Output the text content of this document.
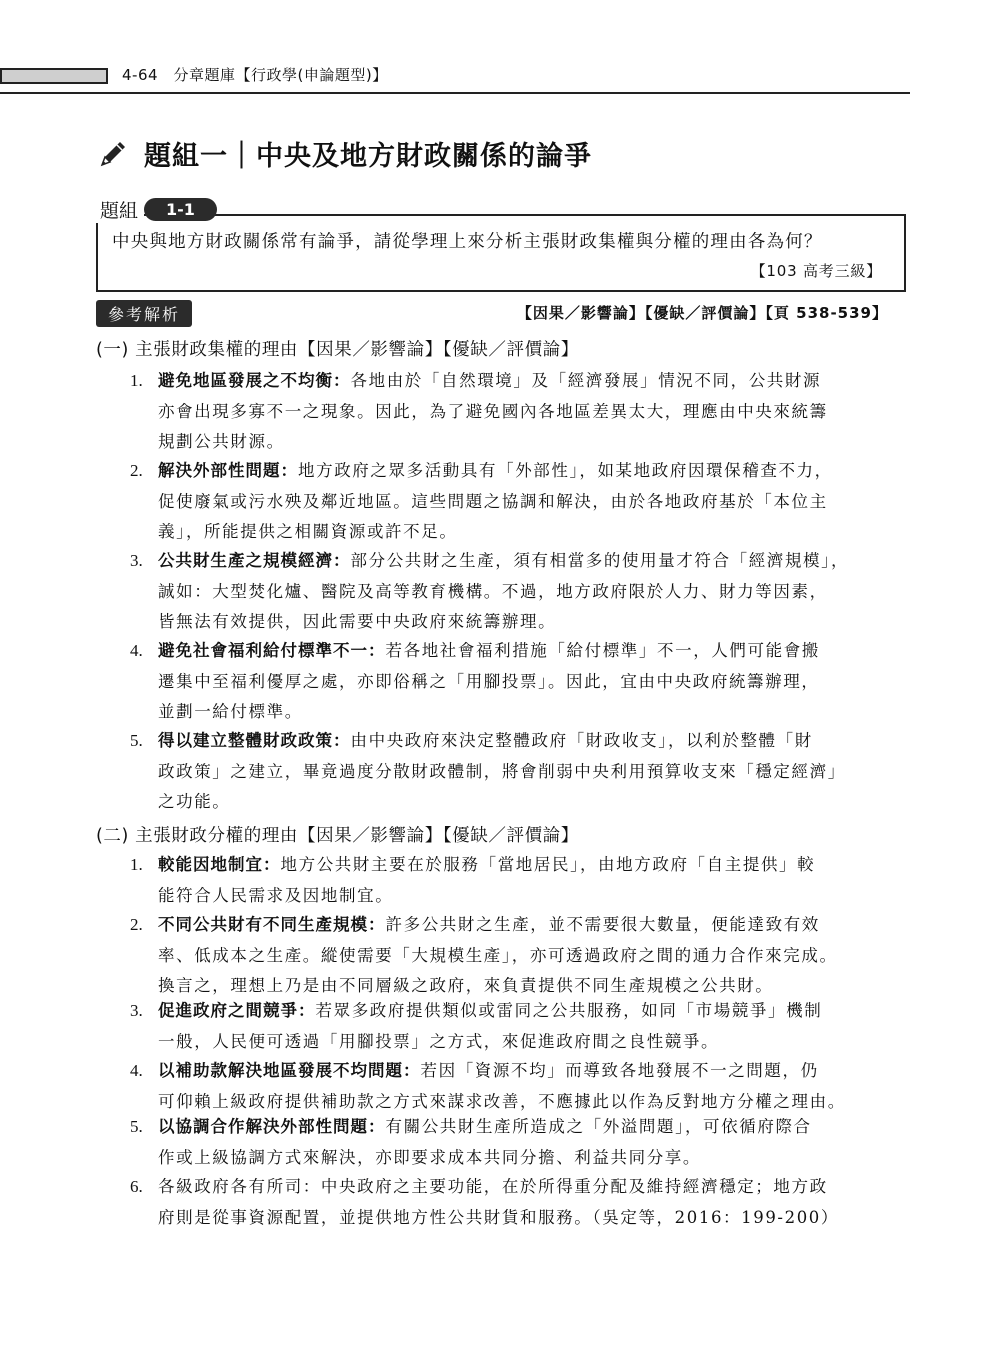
4-64　分章題庫【行政學(申論題型)】
題組一｜中央及地方財政關係的論爭
題組	1-1
中央與地方財政關係常有論爭，請從學理上來分析主張財政集權與分權的理由各為何？
【103 高考三級】
參考解析	【因果／影響論】【優缺／評價論】【頁 538-539】
(一) 主張財政集權的理由【因果／影響論】【優缺／評價論】
1. 避免地區發展之不均衡：各地由於「自然環境」及「經濟發展」情況不同，公共財源
亦會出現多寡不一之現象。因此，為了避免國內各地區差異太大，理應由中央來統籌
規劃公共財源。
2. 解決外部性問題：地方政府之眾多活動具有「外部性」，如某地政府因環保稽查不力，
促使廢氣或污水殃及鄰近地區。這些問題之協調和解決，由於各地政府基於「本位主
義」，所能提供之相關資源或許不足。
3. 公共財生產之規模經濟：部分公共財之生產，須有相當多的使用量才符合「經濟規模」，
誠如：大型焚化爐、醫院及高等教育機構。不過，地方政府限於人力、財力等因素，
皆無法有效提供，因此需要中央政府來統籌辦理。
4. 避免社會福利給付標準不一：若各地社會福利措施「給付標準」不一，人們可能會搬
遷集中至福利優厚之處，亦即俗稱之「用腳投票」。因此，宜由中央政府統籌辦理，
並劃一給付標準。
5. 得以建立整體財政政策：由中央政府來決定整體政府「財政收支」，以利於整體「財
政政策」之建立，畢竟過度分散財政體制，將會削弱中央利用預算收支來「穩定經濟」
之功能。
(二) 主張財政分權的理由【因果／影響論】【優缺／評價論】
1. 較能因地制宜：地方公共財主要在於服務「當地居民」，由地方政府「自主提供」較
能符合人民需求及因地制宜。
2. 不同公共財有不同生產規模：許多公共財之生產，並不需要很大數量，便能達致有效
率、低成本之生產。縱使需要「大規模生產」，亦可透過政府之間的通力合作來完成。
換言之，理想上乃是由不同層級之政府，來負責提供不同生產規模之公共財。
3. 促進政府之間競爭：若眾多政府提供類似或雷同之公共服務，如同「市場競爭」機制
一般，人民便可透過「用腳投票」之方式，來促進政府間之良性競爭。
4. 以補助款解決地區發展不均問題：若因「資源不均」而導致各地發展不一之問題，仍
可仰賴上級政府提供補助款之方式來謀求改善，不應據此以作為反對地方分權之理由。
5. 以協調合作解決外部性問題：有關公共財生產所造成之「外溢問題」，可依循府際合
作或上級協調方式來解決，亦即要求成本共同分擔、利益共同分享。
6. 各級政府各有所司：中央政府之主要功能，在於所得重分配及維持經濟穩定；地方政
府則是從事資源配置，並提供地方性公共財貨和服務。（吳定等，2016：199-200）
